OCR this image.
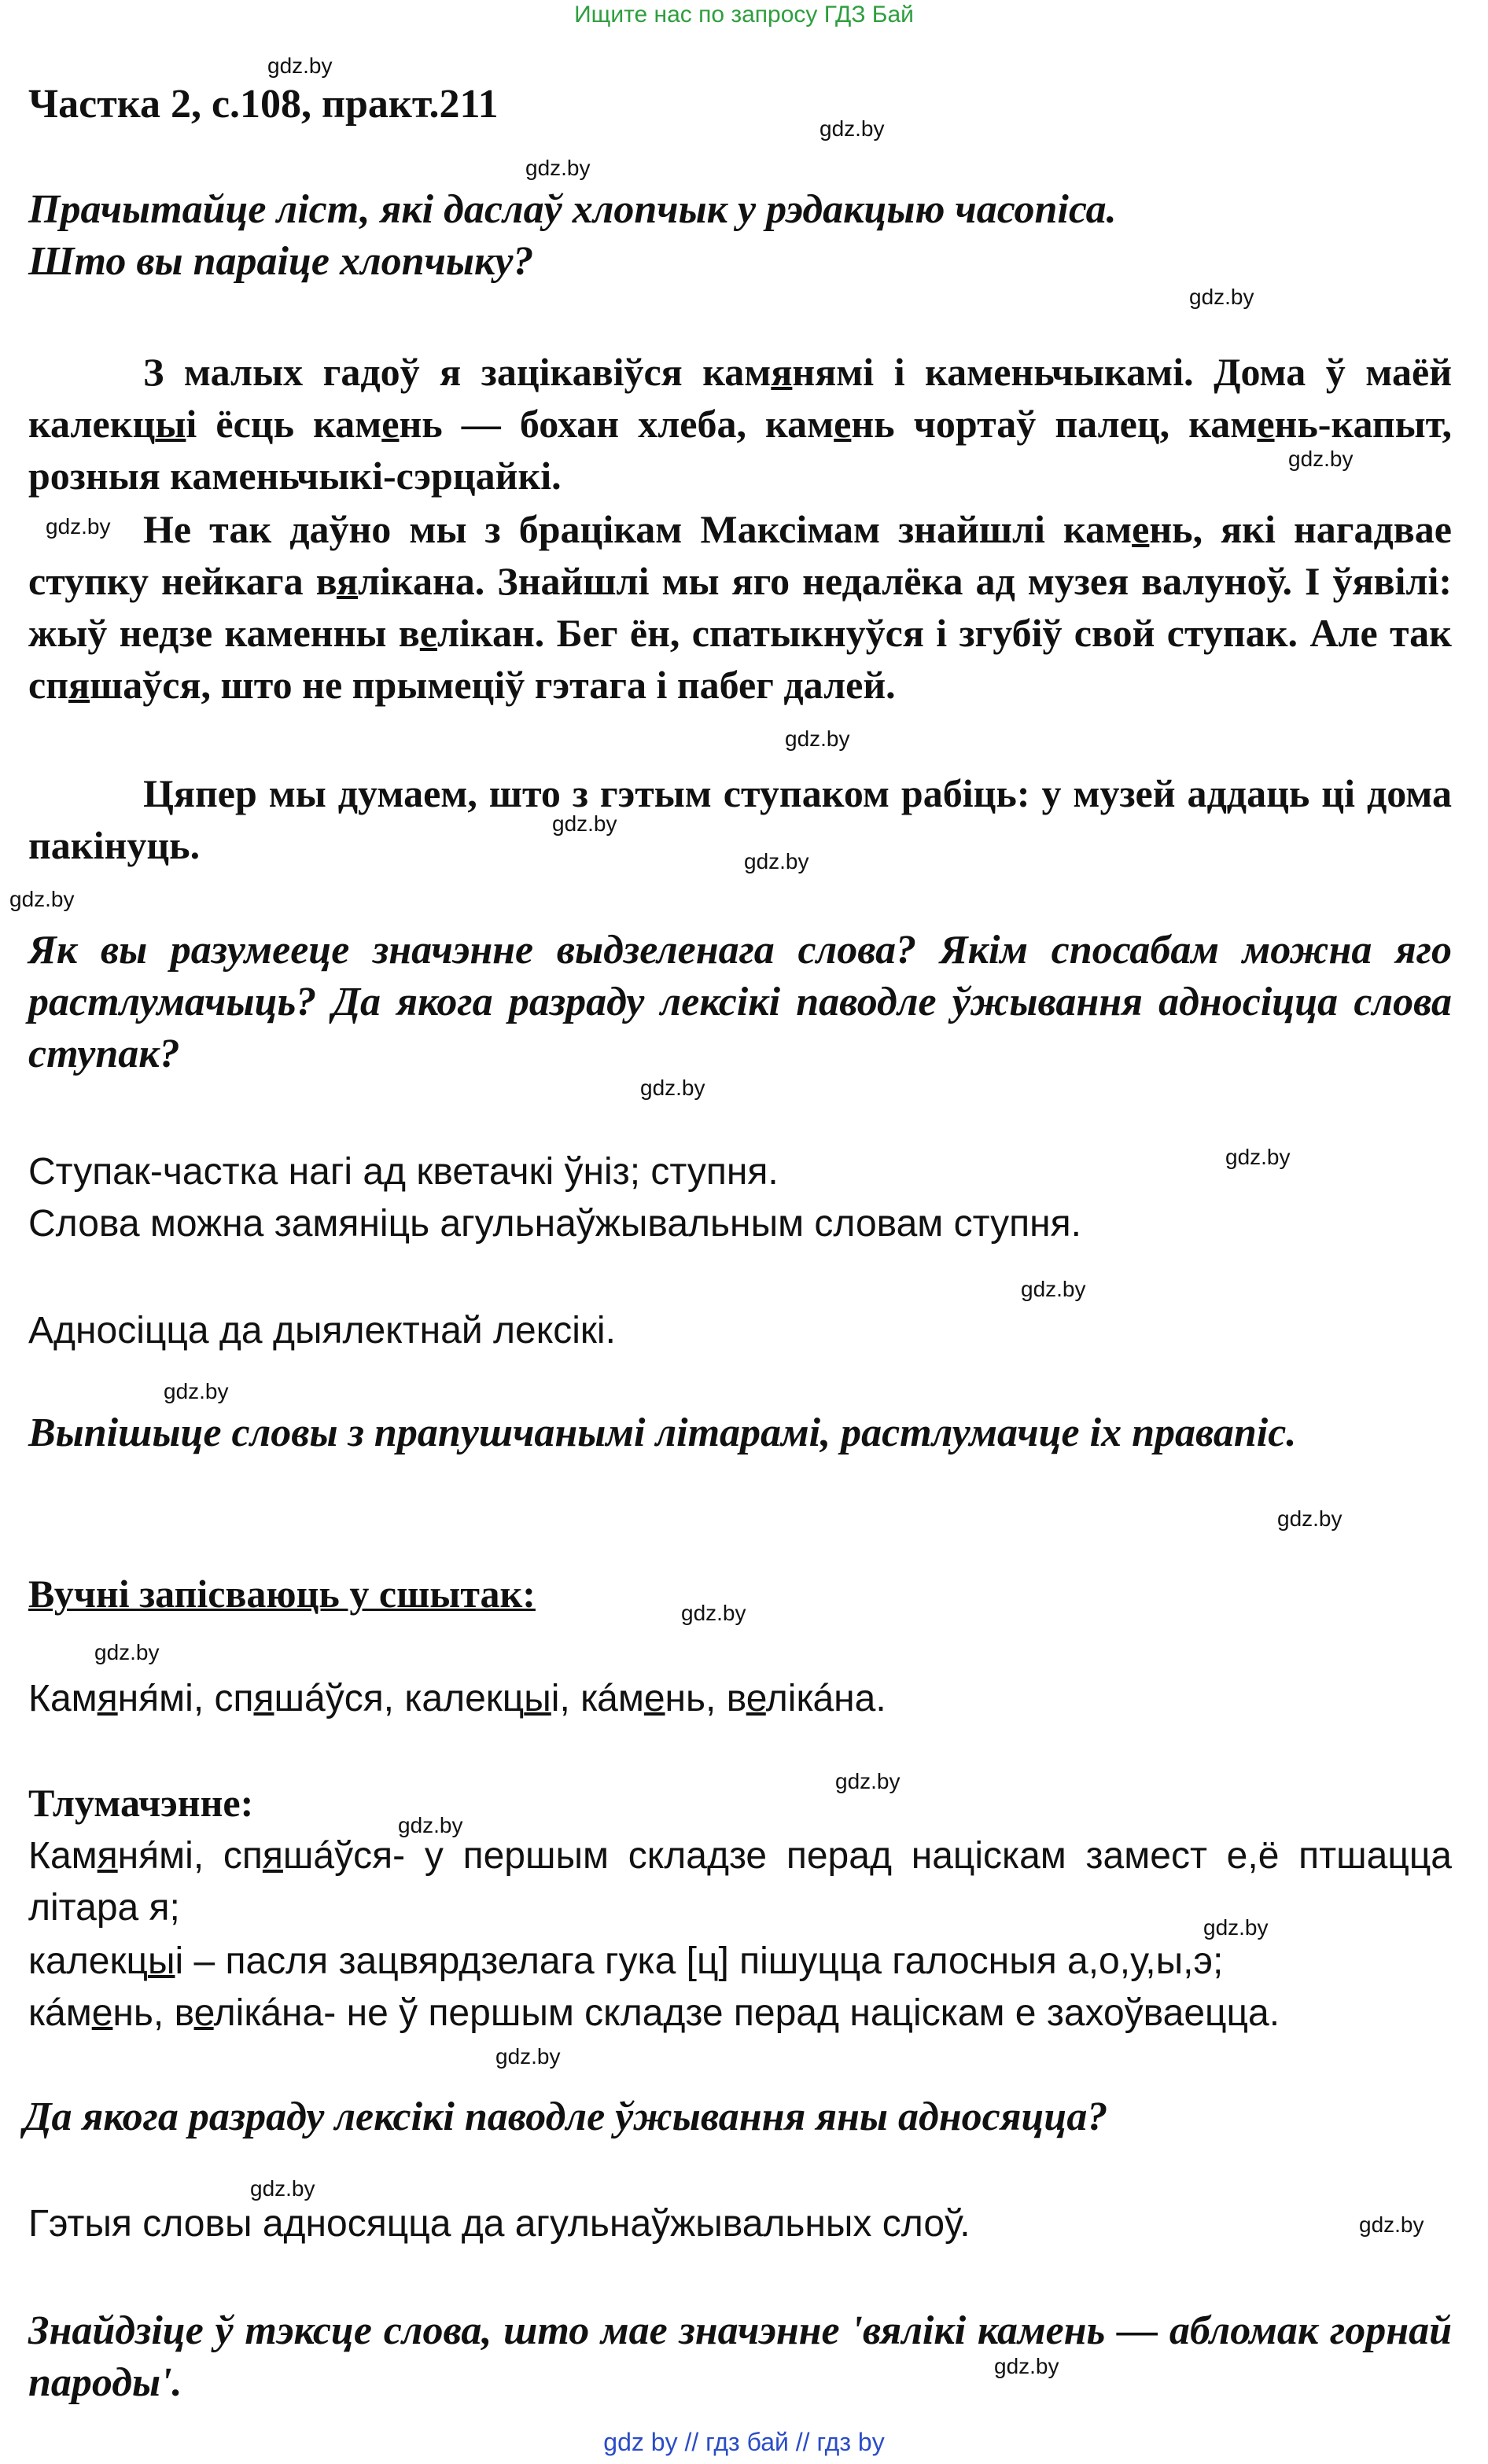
Ищите нас по запросу ГДЗ Бай
gdz.by
gdz.by
gdz.by
gdz.by
gdz.by
gdz.by
gdz.by
gdz.by
gdz.by
gdz.by
gdz.by
gdz.by
gdz.by
gdz.by
gdz.by
gdz.by
gdz.by
gdz.by
gdz.by
gdz.by
gdz.by
gdz.by
gdz.by
gdz.by
Частка 2, с.108, практ.211
Прачытайце ліст, які даслаў хлопчык у рэдакцыю часопіса.
Што вы параіце хлопчыку?
З малых гадоў я зацікавіўся камянямі і каменьчыкамі. Дома ў маёй калекцыі ёсць камень — бохан хлеба, камень чортаў палец, камень-капыт, розныя каменьчыкі-сэрцайкі.
Не так даўно мы з брацікам Максімам знайшлі камень, які нагадвае ступку нейкага вялікана. Знайшлі мы яго недалёка ад музея валуноў. І ўявілі: жыў недзе каменны велікан. Бег ён, спатыкнуўся і згубіў свой ступак. Але так спяшаўся, што не прымеціў гэтага і пабег далей.
Цяпер мы думаем, што з гэтым ступаком рабіць: у музей аддаць ці дома пакінуць.
Як вы разумееце значэнне выдзеленага слова? Якім спосабам можна яго растлумачыць? Да якога разраду лексікі паводле ўжывання адносіцца слова ступак?
Ступак-частка нагі ад кветачкі ўніз; ступня.
Слова можна замяніць агульнаўжывальным словам ступня.
Адносіцца да дыялектнай лексікі.
Выпішыце словы з прапушчанымі літарамі, растлумачце іх правапіс.
Вучні запісваюць у сшытак:
Камяня́мі, спяшáўся, калекцыі, кáмень, велікáна.
Тлумачэнне:
Камяня́мі, спяшáўся- у першым складзе перад націскам замест е,ё птшацца літара я;
калекцыі – пасля зацвярдзелага гука [ц] пішуцца галосныя а,о,у,ы,э;
кáмень, велікáна- не ў першым складзе перад націскам е захоўваецца.
Да якога разраду лексікі паводле ўжывання яны адносяцца?
Гэтыя словы адносяцца да агульнаўжывальных слоў.
Знайдзіце ў тэксце слова, што мае значэнне 'вялікі камень — абломак горнай пароды'.
gdz by // гдз бай // гдз by
